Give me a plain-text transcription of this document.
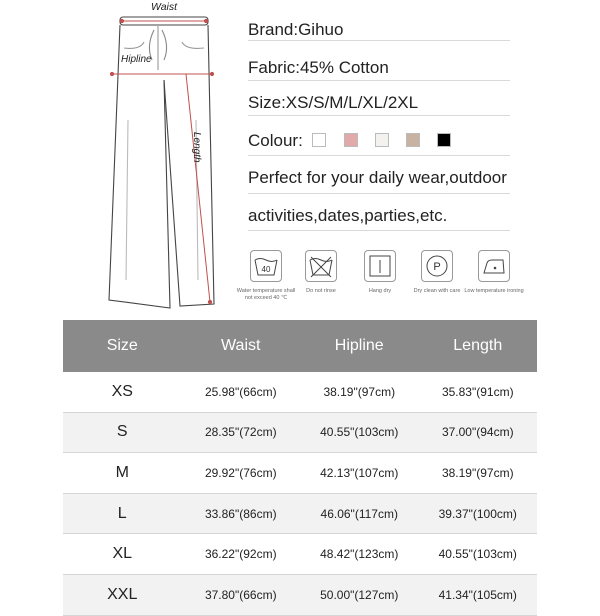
Waist
Hipline
Length
Brand:Gihuo
Fabric:45% Cotton
Size:XS/S/M/L/XL/2XL
Colour:
Perfect for your daily wear,outdoor
activities,dates,parties,etc.
40
Water temperature shall not exceed 40 ℃
Do not rinse	Hang dry
P
Dry clean with care Low temperature ironing
Size	Waist	Hipline	Length
XS	25.98"(66cm)	38.19"(97cm)	35.83"(91cm)
S	28.35"(72cm)	40.55"(103cm)	37.00"(94cm)
M	29.92"(76cm)	42.13"(107cm)	38.19"(97cm)
L	33.86"(86cm)	46.06"(117cm)	39.37"(100cm)
XL	36.22"(92cm)	48.42"(123cm)	40.55"(103cm)
XXL	37.80"(66cm)	50.00"(127cm)	41.34"(105cm)
